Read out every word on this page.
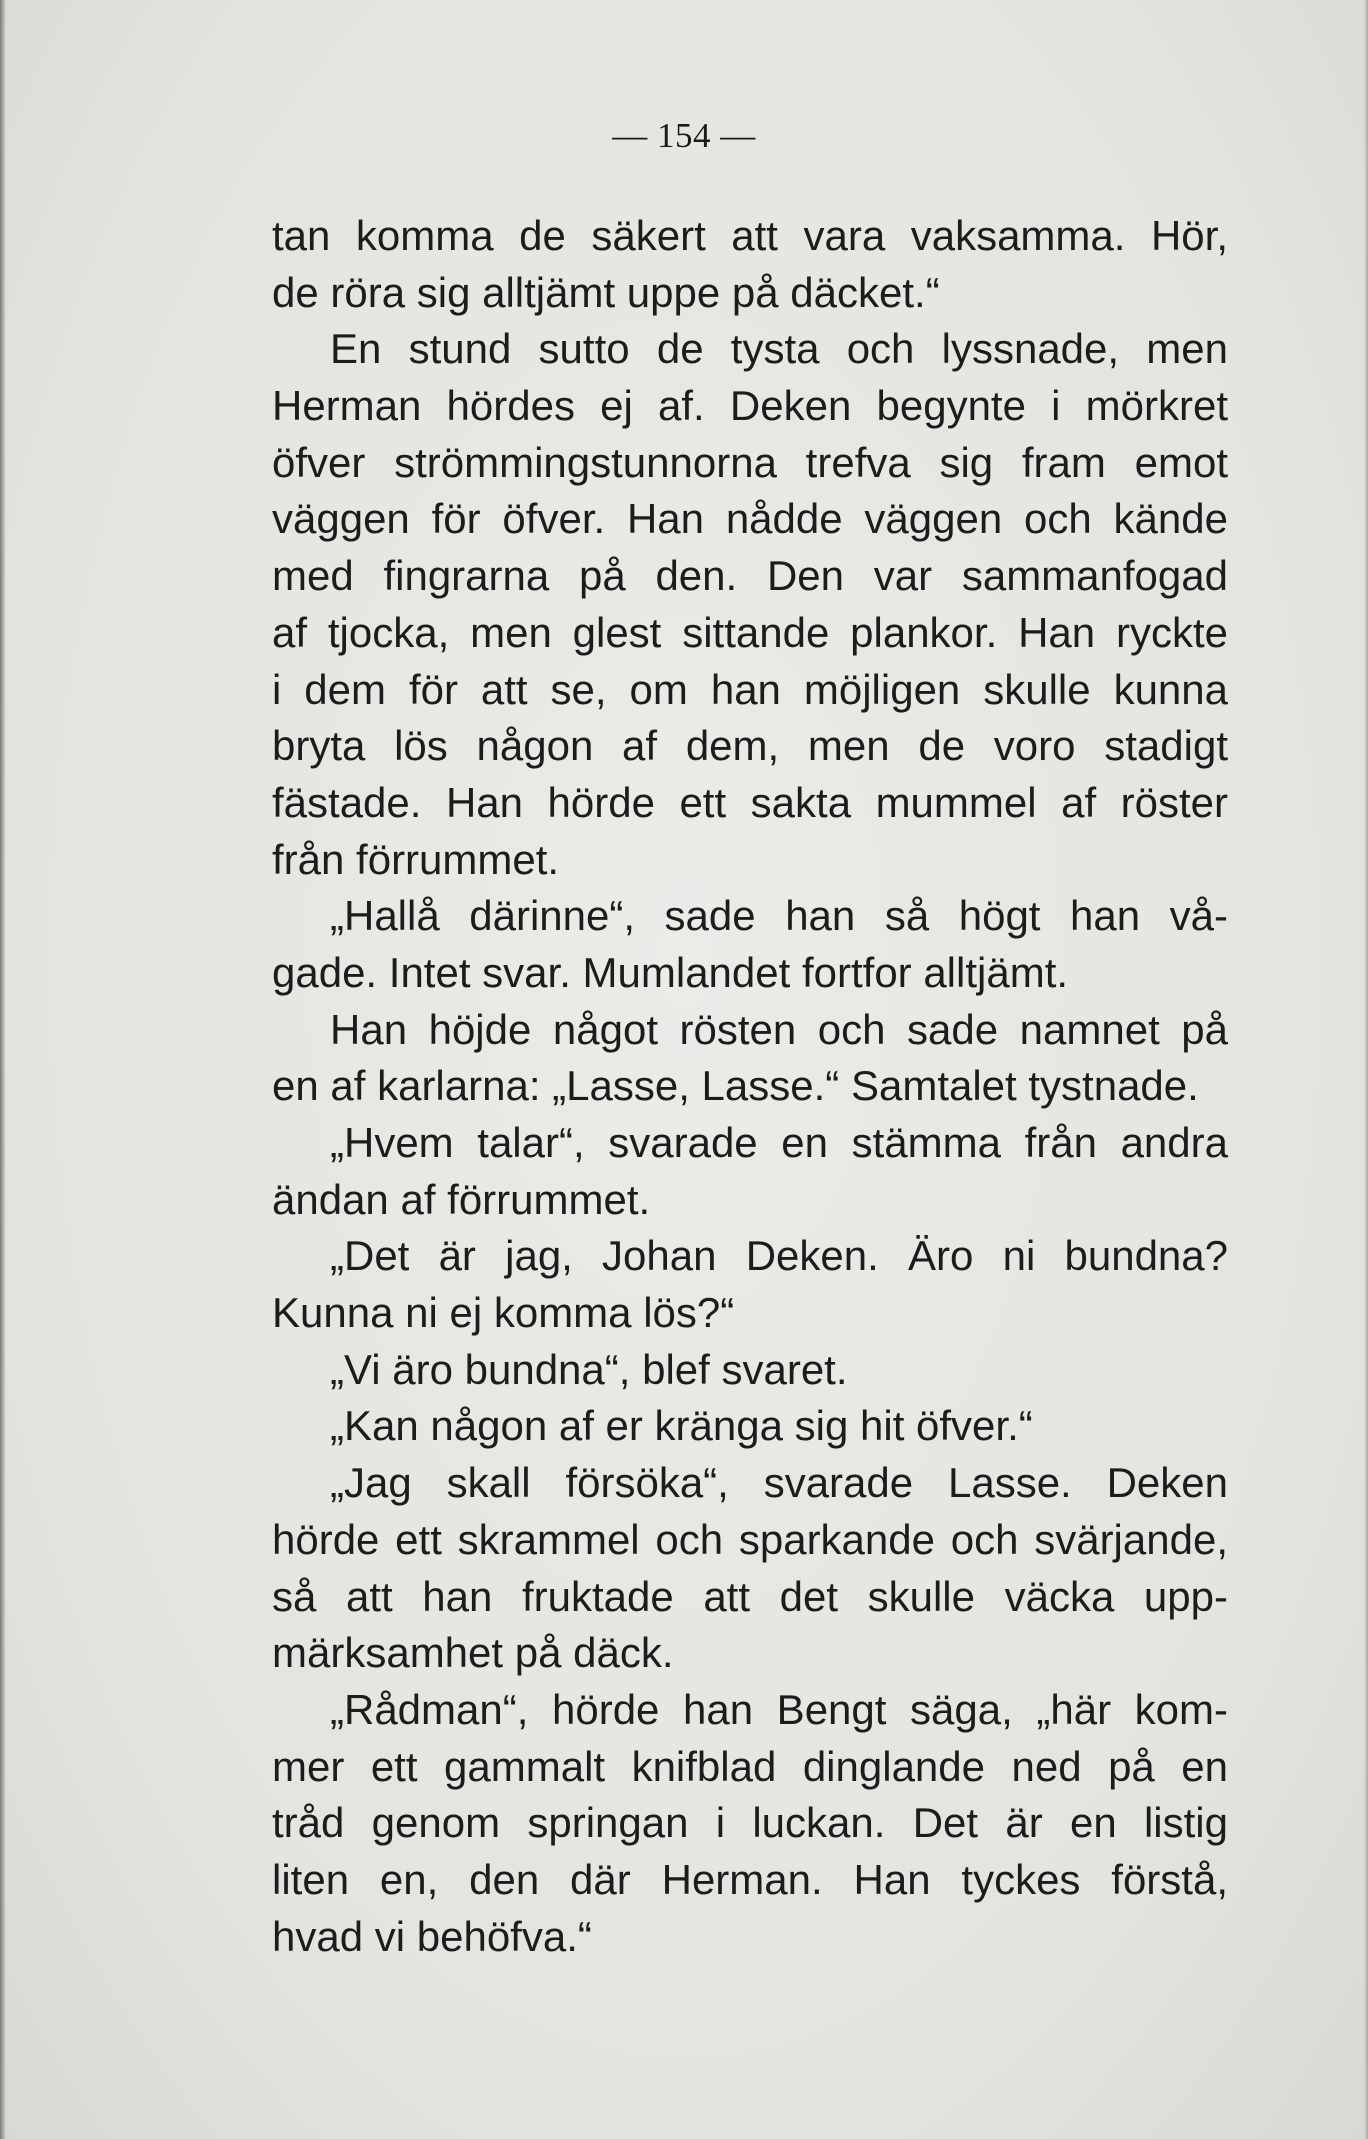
— 154 —
tan komma de säkert att vara vaksamma. Hör,
de röra sig alltjämt uppe på däcket.“
En stund sutto de tysta och lyssnade, men
Herman hördes ej af. Deken begynte i mörkret
öfver strömmingstunnorna trefva sig fram emot
väggen för öfver. Han nådde väggen och kände
med fingrarna på den. Den var sammanfogad
af tjocka, men glest sittande plankor. Han ryckte
i dem för att se, om han möjligen skulle kunna
bryta lös någon af dem, men de voro stadigt
fästade. Han hörde ett sakta mummel af röster
från förrummet.
„Hallå därinne“, sade han så högt han vå-
gade. Intet svar. Mumlandet fortfor alltjämt.
Han höjde något rösten och sade namnet på
en af karlarna: „Lasse, Lasse.“ Samtalet tystnade.
„Hvem talar“, svarade en stämma från andra
ändan af förrummet.
„Det är jag, Johan Deken. Äro ni bundna?
Kunna ni ej komma lös?“
„Vi äro bundna“, blef svaret.
„Kan någon af er kränga sig hit öfver.“
„Jag skall försöka“, svarade Lasse. Deken
hörde ett skrammel och sparkande och svärjande,
så att han fruktade att det skulle väcka upp-
märksamhet på däck.
„Rådman“, hörde han Bengt säga, „här kom-
mer ett gammalt knifblad dinglande ned på en
tråd genom springan i luckan. Det är en listig
liten en, den där Herman. Han tyckes förstå,
hvad vi behöfva.“
